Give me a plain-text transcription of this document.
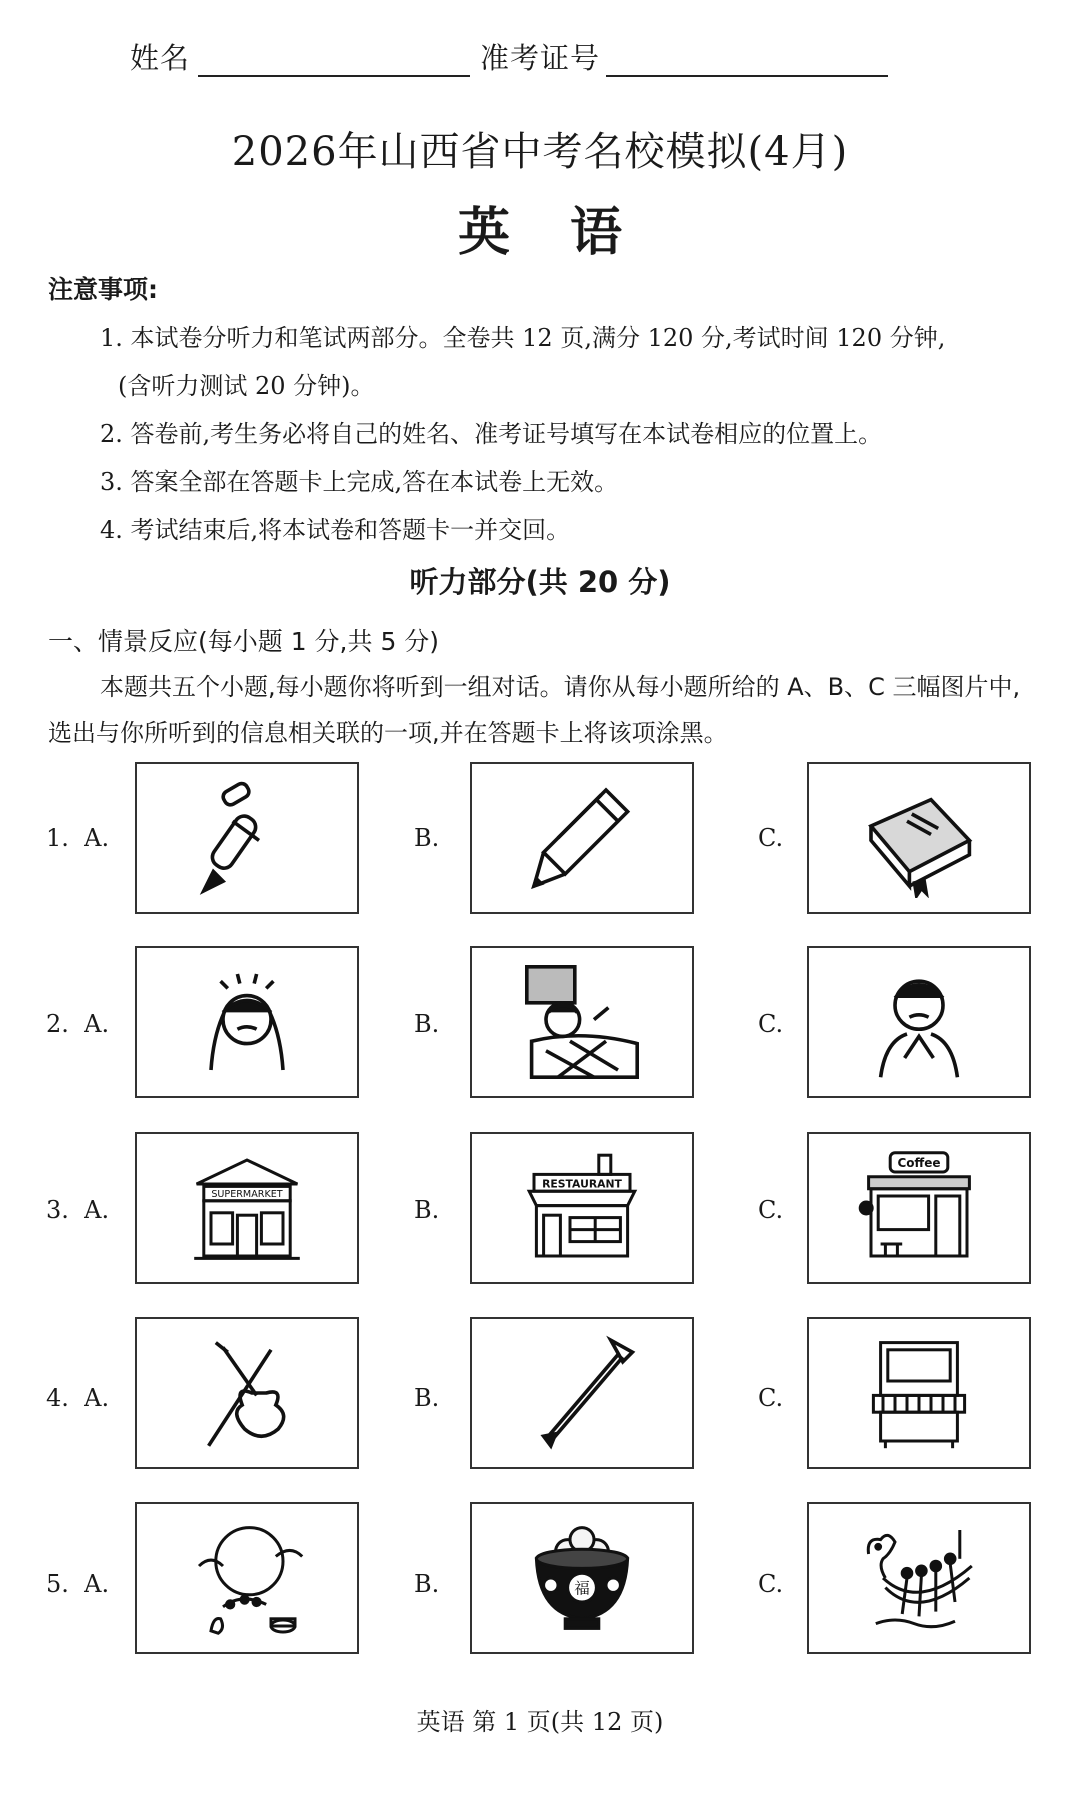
姓名	准考证号
2026年山西省中考名校模拟(4月)
英语
注意事项:
1. 本试卷分听力和笔试两部分。全卷共 12 页,满分 120 分,考试时间 120 分钟,
(含听力测试 20 分钟)。
2. 答卷前,考生务必将自己的姓名、准考证号填写在本试卷相应的位置上。
3. 答案全部在答题卡上完成,答在本试卷上无效。
4. 考试结束后,将本试卷和答题卡一并交回。
听力部分(共 20 分)
一、情景反应(每小题 1 分,共 5 分)
本题共五个小题,每小题你将听到一组对话。请你从每小题所给的 A、B、C 三幅图片中,选出与你所听到的信息相关联的一项,并在答题卡上将该项涂黑。
1. A.	B.	C.
2. A.	B.	C.
3. A.
SUPERMARKET
B.
RESTAURANT
C.
Coffee
4. A.	B.	C.
5. A.	B.	福	C.
英语 第 1 页(共 12 页)
